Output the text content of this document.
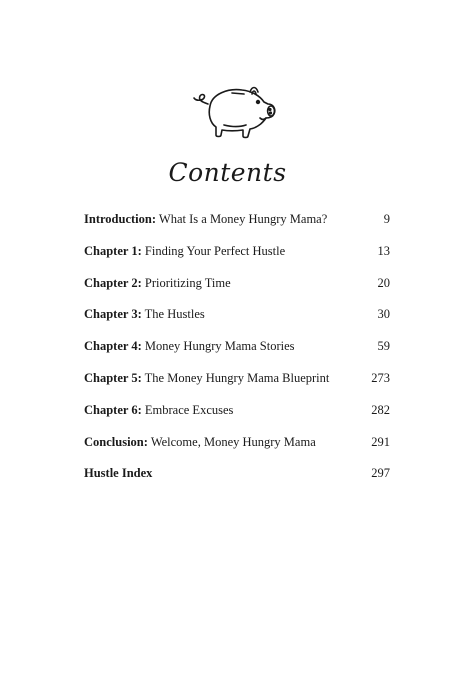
Contents
Introduction: What Is a Money Hungry Mama?	9
Chapter 1: Finding Your Perfect Hustle	13
Chapter 2: Prioritizing Time	20
Chapter 3: The Hustles	30
Chapter 4: Money Hungry Mama Stories	59
Chapter 5: The Money Hungry Mama Blueprint	273
Chapter 6: Embrace Excuses	282
Conclusion: Welcome, Money Hungry Mama	291
Hustle Index	297
